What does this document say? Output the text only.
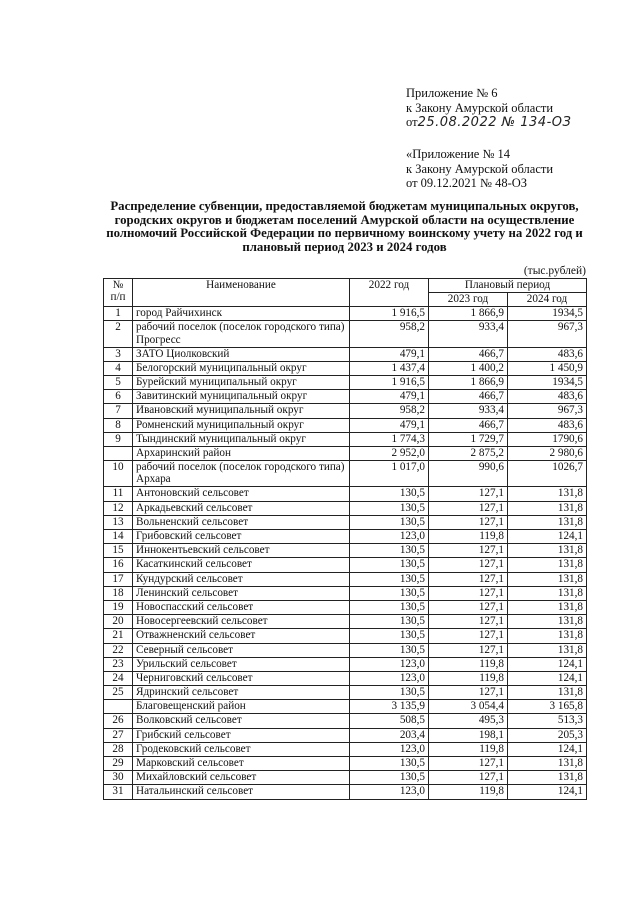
Приложение № 6
к Закону Амурской области
от25.08.2022 № 134-ОЗ
«Приложение № 14
к Закону Амурской области
от 09.12.2021 № 48-ОЗ
Распределение субвенции, предоставляемой бюджетам муниципальных округов, городских округов и бюджетам поселений Амурской области на осуществление полномочий Российской Федерации по первичному воинскому учету на 2022 год и плановый период 2023 и 2024 годов
(тыс.рублей)
№ п/п	Наименование	2022 год	Плановый период	
			2023 год	2024 год
1	город Райчихинск	1 916,5	1 866,9	1934,5
2	рабочий поселок (поселок городского типа) Прогресс	958,2	933,4	967,3
3	ЗАТО Циолковский	479,1	466,7	483,6
4	Белогорский муниципальный округ	1 437,4	1 400,2	1 450,9
5	Бурейский муниципальный округ	1 916,5	1 866,9	1934,5
6	Завитинский муниципальный округ	479,1	466,7	483,6
7	Ивановский муниципальный округ	958,2	933,4	967,3
8	Ромненский муниципальный округ	479,1	466,7	483,6
9	Тындинский муниципальный округ	1 774,3	1 729,7	1790,6
	Архаринский район	2 952,0	2 875,2	2 980,6
10	рабочий поселок (поселок городского типа) Архара	1 017,0	990,6	1026,7
11	Антоновский сельсовет	130,5	127,1	131,8
12	Аркадьевский сельсовет	130,5	127,1	131,8
13	Вольненский сельсовет	130,5	127,1	131,8
14	Грибовский сельсовет	123,0	119,8	124,1
15	Иннокентьевский сельсовет	130,5	127,1	131,8
16	Касаткинский сельсовет	130,5	127,1	131,8
17	Кундурский сельсовет	130,5	127,1	131,8
18	Ленинский сельсовет	130,5	127,1	131,8
19	Новоспасский сельсовет	130,5	127,1	131,8
20	Новосергеевский сельсовет	130,5	127,1	131,8
21	Отважненский сельсовет	130,5	127,1	131,8
22	Северный сельсовет	130,5	127,1	131,8
23	Урильский сельсовет	123,0	119,8	124,1
24	Черниговский сельсовет	123,0	119,8	124,1
25	Ядринский сельсовет	130,5	127,1	131,8
	Благовещенский район	3 135,9	3 054,4	3 165,8
26	Волковский сельсовет	508,5	495,3	513,3
27	Грибский сельсовет	203,4	198,1	205,3
28	Гродековский сельсовет	123,0	119,8	124,1
29	Марковский сельсовет	130,5	127,1	131,8
30	Михайловский сельсовет	130,5	127,1	131,8
31	Натальинский сельсовет	123,0	119,8	124,1
